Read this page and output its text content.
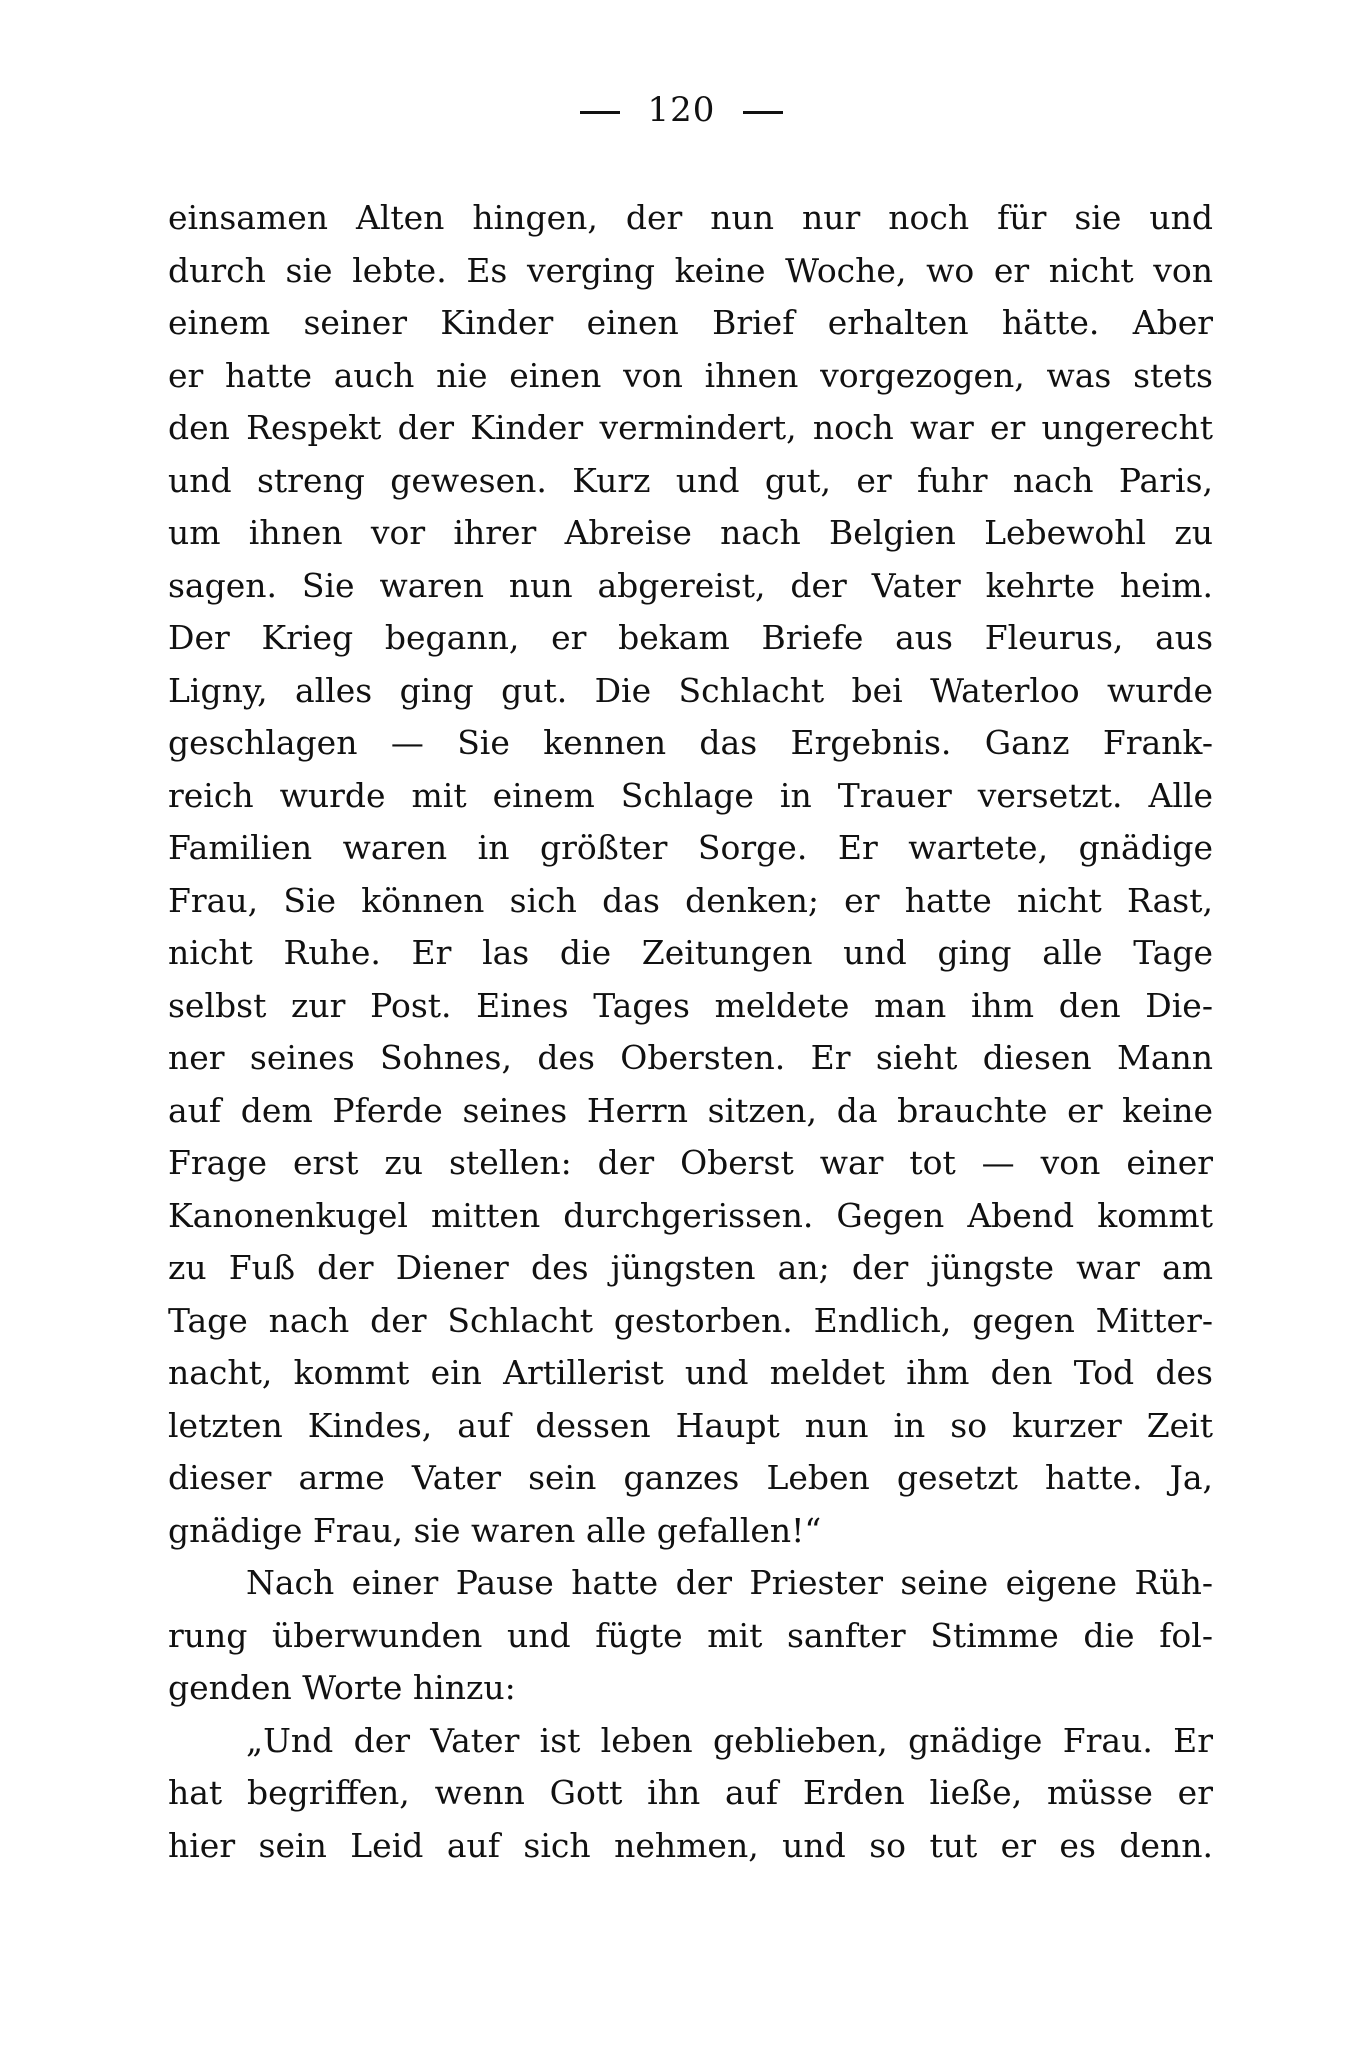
120
einsamen Alten hingen, der nun nur noch für sie und
durch sie lebte. Es verging keine Woche, wo er nicht von
einem seiner Kinder einen Brief erhalten hätte. Aber
er hatte auch nie einen von ihnen vorgezogen, was stets
den Respekt der Kinder vermindert, noch war er ungerecht
und streng gewesen. Kurz und gut, er fuhr nach Paris,
um ihnen vor ihrer Abreise nach Belgien Lebewohl zu
sagen. Sie waren nun abgereist, der Vater kehrte heim.
Der Krieg begann, er bekam Briefe aus Fleurus, aus
Ligny, alles ging gut. Die Schlacht bei Waterloo wurde
geschlagen — Sie kennen das Ergebnis. Ganz Frank-
reich wurde mit einem Schlage in Trauer versetzt. Alle
Familien waren in größter Sorge. Er wartete, gnädige
Frau, Sie können sich das denken; er hatte nicht Rast,
nicht Ruhe. Er las die Zeitungen und ging alle Tage
selbst zur Post. Eines Tages meldete man ihm den Die-
ner seines Sohnes, des Obersten. Er sieht diesen Mann
auf dem Pferde seines Herrn sitzen, da brauchte er keine
Frage erst zu stellen: der Oberst war tot — von einer
Kanonenkugel mitten durchgerissen. Gegen Abend kommt
zu Fuß der Diener des jüngsten an; der jüngste war am
Tage nach der Schlacht gestorben. Endlich, gegen Mitter-
nacht, kommt ein Artillerist und meldet ihm den Tod des
letzten Kindes, auf dessen Haupt nun in so kurzer Zeit
dieser arme Vater sein ganzes Leben gesetzt hatte. Ja,
gnädige Frau, sie waren alle gefallen!“
Nach einer Pause hatte der Priester seine eigene Rüh-
rung überwunden und fügte mit sanfter Stimme die fol-
genden Worte hinzu:
„Und der Vater ist leben geblieben, gnädige Frau. Er
hat begriffen, wenn Gott ihn auf Erden ließe, müsse er
hier sein Leid auf sich nehmen, und so tut er es denn.
